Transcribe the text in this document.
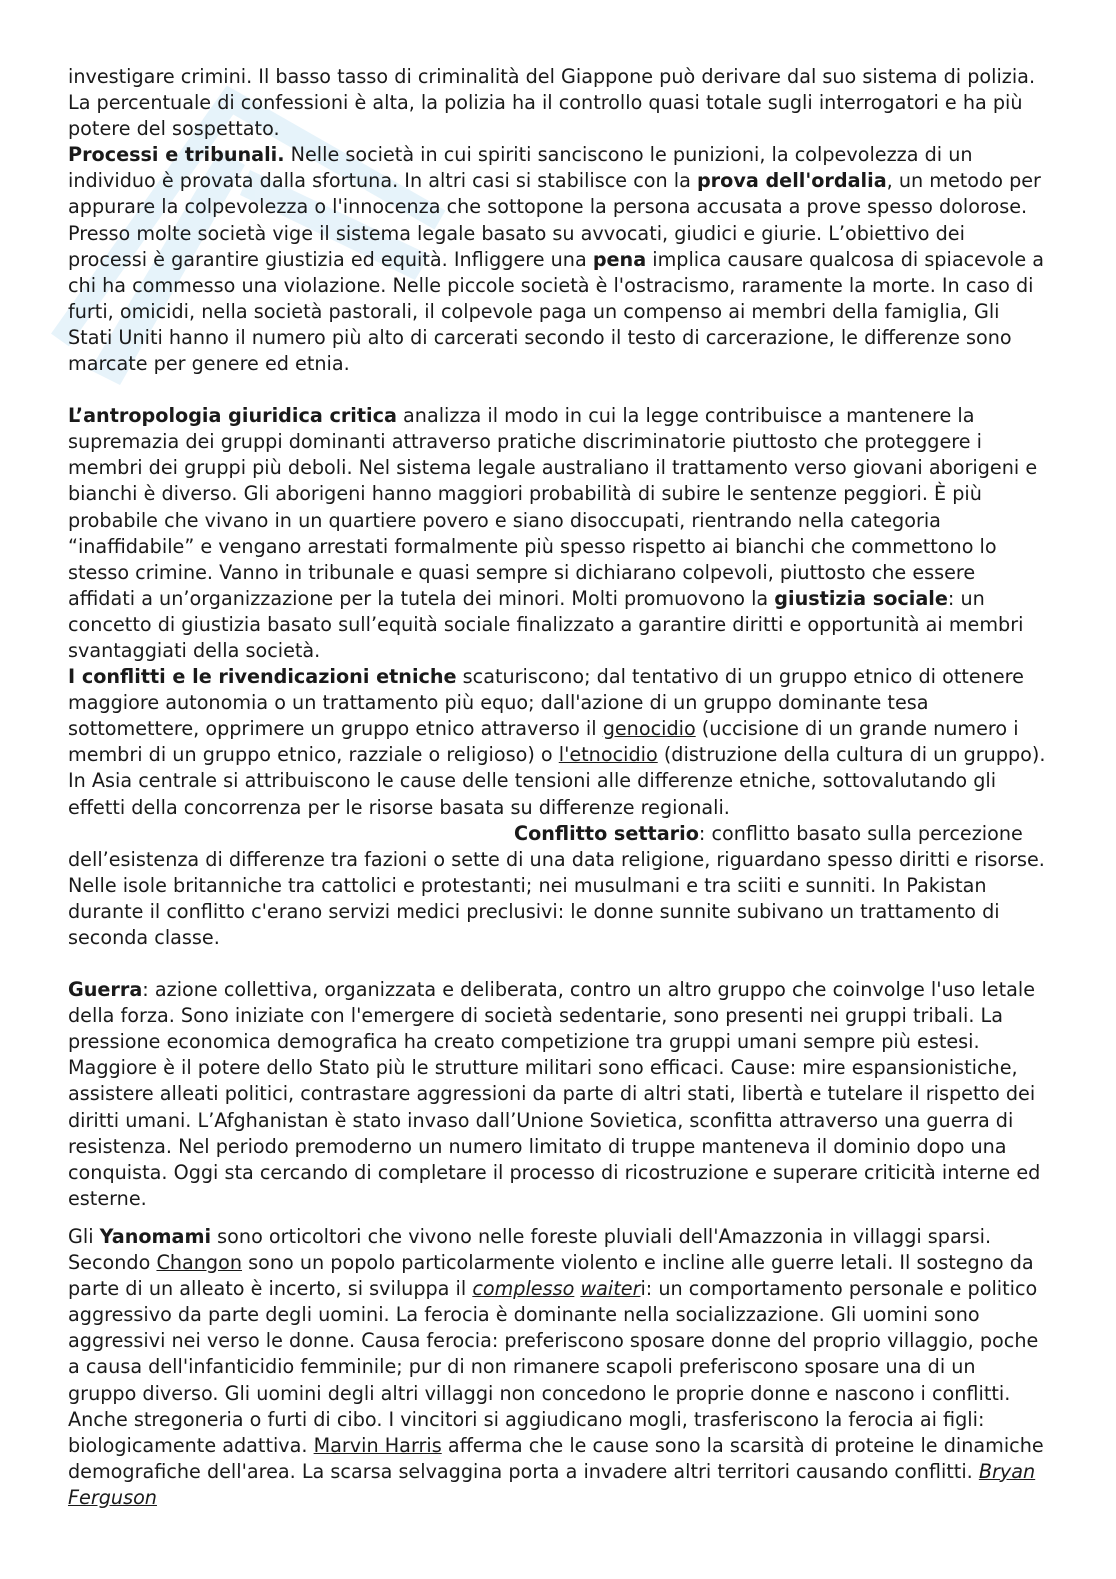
investigare crimini. Il basso tasso di criminalità del Giappone può derivare dal suo sistema di polizia. La percentuale di confessioni è alta, la polizia ha il controllo quasi totale sugli interrogatori e ha più potere del sospettato.

Processi e tribunali. Nelle società in cui spiriti sanciscono le punizioni, la colpevolezza di un individuo è provata dalla sfortuna. In altri casi si stabilisce con la prova dell'ordalia, un metodo per appurare la colpevolezza o l'innocenza che sottopone la persona accusata a prove spesso dolorose. Presso molte società vige il sistema legale basato su avvocati, giudici e giurie. L’obiettivo dei processi è garantire giustizia ed equità. Infliggere una pena implica causare qualcosa di spiacevole a chi ha commesso una violazione. Nelle piccole società è l'ostracismo, raramente la morte. In caso di furti, omicidi, nella società pastorali, il colpevole paga un compenso ai membri della famiglia, Gli Stati Uniti hanno il numero più alto di carcerati secondo il testo di carcerazione, le differenze sono marcate per genere ed etnia.

L’antropologia giuridica critica analizza il modo in cui la legge contribuisce a mantenere la supremazia dei gruppi dominanti attraverso pratiche discriminatorie piuttosto che proteggere i membri dei gruppi più deboli. Nel sistema legale australiano il trattamento verso giovani aborigeni e bianchi è diverso. Gli aborigeni hanno maggiori probabilità di subire le sentenze peggiori. È più probabile che vivano in un quartiere povero e siano disoccupati, rientrando nella categoria “inaffidabile” e vengano arrestati formalmente più spesso rispetto ai bianchi che commettono lo stesso crimine. Vanno in tribunale e quasi sempre si dichiarano colpevoli, piuttosto che essere affidati a un’organizzazione per la tutela dei minori. Molti promuovono la giustizia sociale: un concetto di giustizia basato sull’equità sociale finalizzato a garantire diritti e opportunità ai membri svantaggiati della società.

I conflitti e le rivendicazioni etniche scaturiscono; dal tentativo di un gruppo etnico di ottenere maggiore autonomia o un trattamento più equo; dall'azione di un gruppo dominante tesa sottomettere, opprimere un gruppo etnico attraverso il genocidio (uccisione di un grande numero i membri di un gruppo etnico, razziale o religioso) o l'etnocidio (distruzione della cultura di un gruppo). In Asia centrale si attribuiscono le cause delle tensioni alle differenze etniche, sottovalutando gli effetti della concorrenza per le risorse basata su differenze regionali.Conflitto settario: conflitto basato sulla percezione dell’esistenza di differenze tra fazioni o sette di una data religione, riguardano spesso diritti e risorse. Nelle isole britanniche tra cattolici e protestanti; nei musulmani e tra sciiti e sunniti. In Pakistan durante il conflitto c'erano servizi medici preclusivi: le donne sunnite subivano un trattamento di seconda classe.

Guerra: azione collettiva, organizzata e deliberata, contro un altro gruppo che coinvolge l'uso letale della forza. Sono iniziate con l'emergere di società sedentarie, sono presenti nei gruppi tribali. La pressione economica demografica ha creato competizione tra gruppi umani sempre più estesi. Maggiore è il potere dello Stato più le strutture militari sono efficaci. Cause: mire espansionistiche, assistere alleati politici, contrastare aggressioni da parte di altri stati, libertà e tutelare il rispetto dei diritti umani. L’Afghanistan è stato invaso dall’Unione Sovietica, sconfitta attraverso una guerra di resistenza. Nel periodo premoderno un numero limitato di truppe manteneva il dominio dopo una conquista. Oggi sta cercando di completare il processo di ricostruzione e superare criticità interne ed esterne.

Gli Yanomami sono orticoltori che vivono nelle foreste pluviali dell'Amazzonia in villaggi sparsi. Secondo Changon sono un popolo particolarmente violento e incline alle guerre letali. Il sostegno da parte di un alleato è incerto, si sviluppa il complesso waiteri: un comportamento personale e politico aggressivo da parte degli uomini. La ferocia è dominante nella socializzazione. Gli uomini sono aggressivi nei verso le donne. Causa ferocia: preferiscono sposare donne del proprio villaggio, poche a causa dell'infanticidio femminile; pur di non rimanere scapoli preferiscono sposare una di un gruppo diverso. Gli uomini degli altri villaggi non concedono le proprie donne e nascono i conflitti. Anche stregoneria o furti di cibo. I vincitori si aggiudicano mogli, trasferiscono la ferocia ai figli: biologicamente adattiva. Marvin Harris afferma che le cause sono la scarsità di proteine le dinamiche demografiche dell'area. La scarsa selvaggina porta a invadere altri territori causando conflitti. Bryan Ferguson
